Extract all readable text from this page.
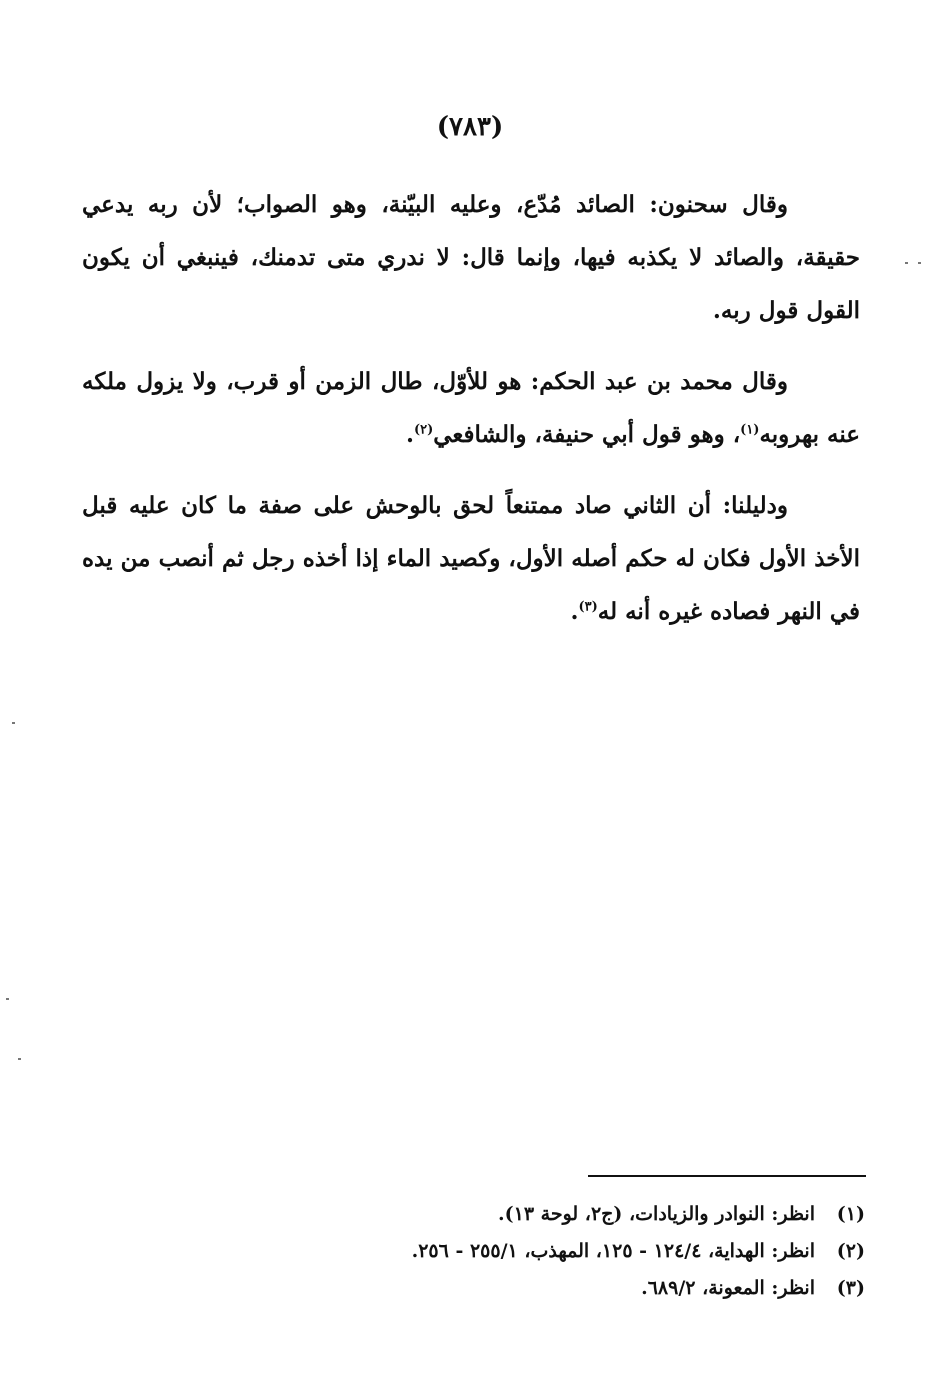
(٧٨٣)

وقال سحنون: الصائد مُدّع، وعليه البيّنة، وهو الصواب؛ لأن ربه يدعي حقيقة، والصائد لا يكذبه فيها، وإنما قال: لا ندري متى تدمنك، فينبغي أن يكون القول قول ربه.

وقال محمد بن عبد الحكم: هو للأوّل، طال الزمن أو قرب، ولا يزول ملكه عنه بهروبه$^{(١)}$، وهو قول أبي حنيفة، والشافعي$^{(٢)}$.

ودليلنا: أن الثاني صاد ممتنعاً لحق بالوحش على صفة ما كان عليه قبل الأخذ الأول فكان له حكم أصله الأول، وكصيد الماء إذا أخذه رجل ثم أنصب من يده في النهر فصاده غيره أنه له$^{(٣)}$.

(١)انظر: النوادر والزيادات، (ج٢، لوحة ١٣).
(٢)انظر: الهداية، ١٢٤/٤ - ١٢٥، المهذب، ٢٥٥/١ - ٢٥٦.
(٣)انظر: المعونة، ٦٨٩/٢.
